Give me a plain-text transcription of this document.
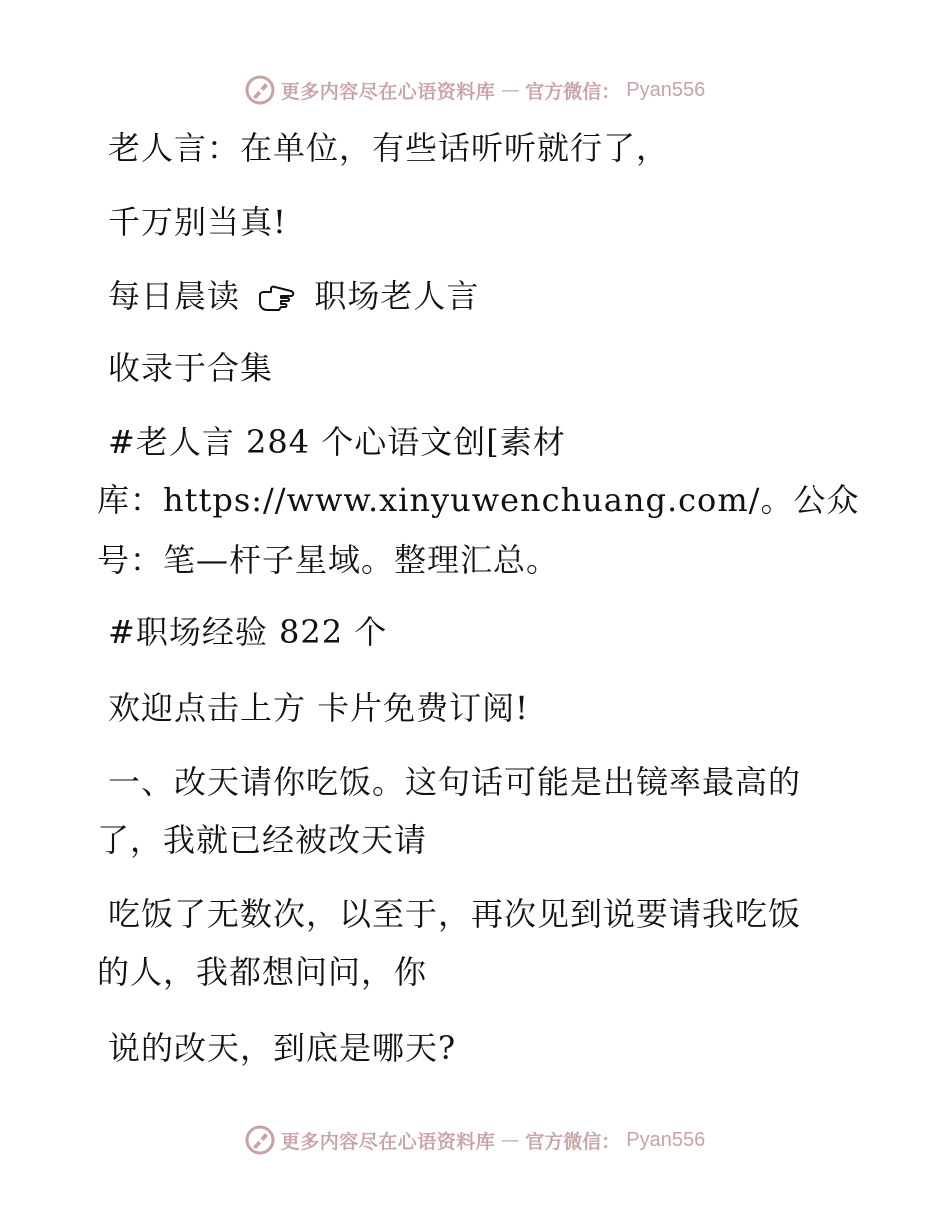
更多内容尽在心语资料库 — 官方微信： Pyan556
老人言：在单位，有些话听听就行了，
千万别当真!
每日晨读 职场老人言
收录于合集
#老人言 284 个心语文创[素材
库：https://www.xinyuwenchuang.com/。公众
号：笔—杆子星域。整理汇总。
#职场经验 822 个
欢迎点击上方 卡片免费订阅!
一、改天请你吃饭。这句话可能是出镜率最高的
了，我就已经被改天请
吃饭了无数次，以至于，再次见到说要请我吃饭
的人，我都想问问，你
说的改天，到底是哪天?
更多内容尽在心语资料库 — 官方微信： Pyan556
